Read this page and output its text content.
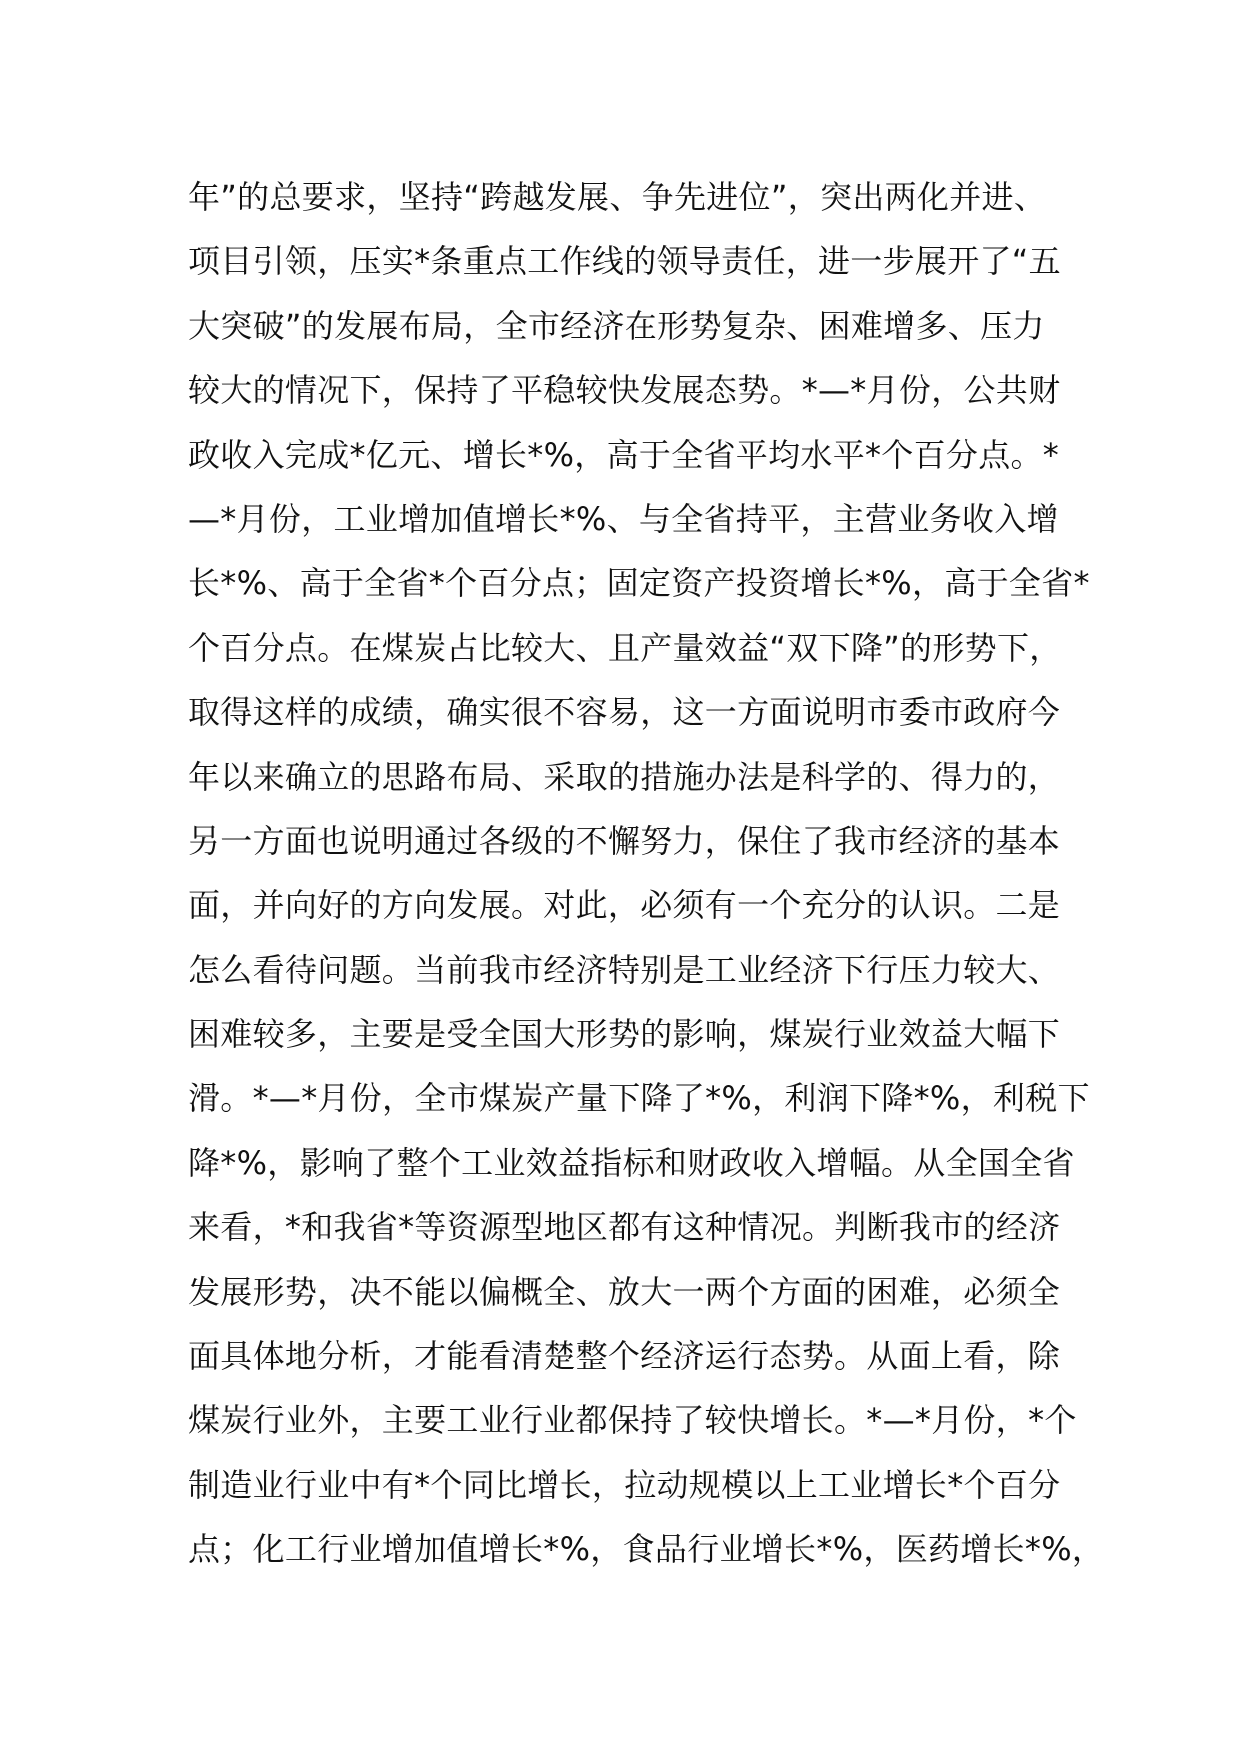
年”的总要求，坚持“跨越发展、争先进位”，突出两化并进、
项目引领，压实*条重点工作线的领导责任，进一步展开了“五
大突破”的发展布局，全市经济在形势复杂、困难增多、压力
较大的情况下，保持了平稳较快发展态势。*—*月份，公共财
政收入完成*亿元、增长*%，高于全省平均水平*个百分点。*
—*月份，工业增加值增长*%、与全省持平，主营业务收入增
长*%、高于全省*个百分点；固定资产投资增长*%，高于全省*
个百分点。在煤炭占比较大、且产量效益“双下降”的形势下，
取得这样的成绩，确实很不容易，这一方面说明市委市政府今
年以来确立的思路布局、采取的措施办法是科学的、得力的，
另一方面也说明通过各级的不懈努力，保住了我市经济的基本
面，并向好的方向发展。对此，必须有一个充分的认识。二是
怎么看待问题。当前我市经济特别是工业经济下行压力较大、
困难较多，主要是受全国大形势的影响，煤炭行业效益大幅下
滑。*—*月份，全市煤炭产量下降了*%，利润下降*%，利税下
降*%，影响了整个工业效益指标和财政收入增幅。从全国全省
来看，*和我省*等资源型地区都有这种情况。判断我市的经济
发展形势，决不能以偏概全、放大一两个方面的困难，必须全
面具体地分析，才能看清楚整个经济运行态势。从面上看，除
煤炭行业外，主要工业行业都保持了较快增长。*—*月份，*个
制造业行业中有*个同比增长，拉动规模以上工业增长*个百分
点；化工行业增加值增长*%，食品行业增长*%，医药增长*%，
